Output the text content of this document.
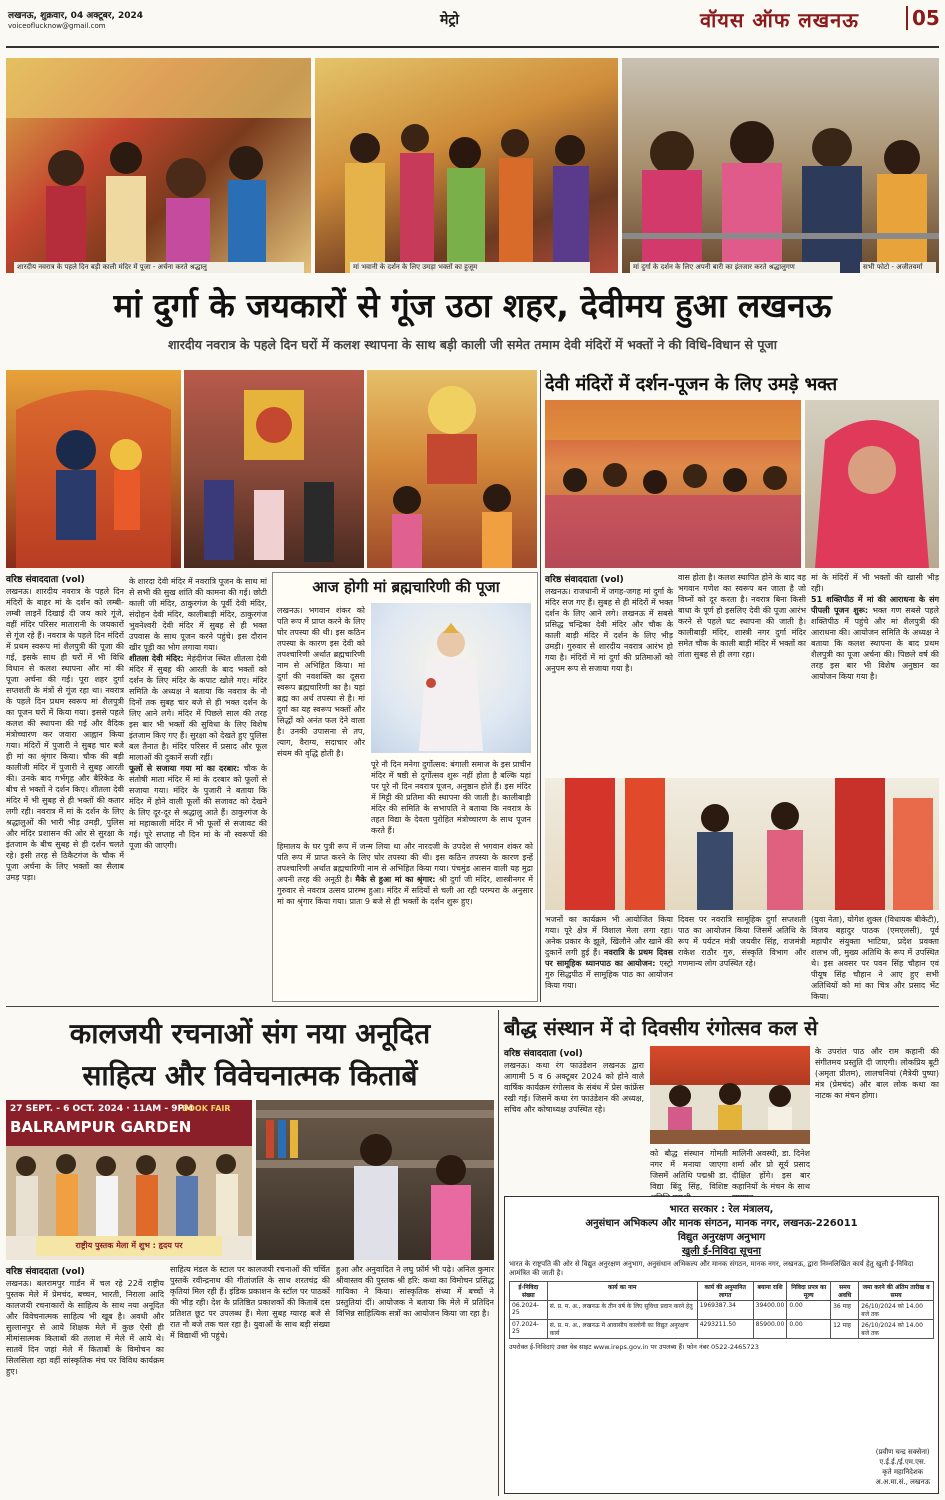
लखनऊ, शुक्रवार, 04 अक्टूबर, 2024
voiceoflucknow@gmail.com	मेट्रो	वॉयस ऑफ लखनऊ	05
शारदीय नवरात्र के पहले दिन बड़ी काली मंदिर में पूजा - अर्चना करते श्रद्धालु	मां भवानी के दर्शन के लिए उमड़ा भक्तों का हुजूम	मां दुर्गा के दर्शन के लिए अपनी बारी का इंतजार करते श्रद्धालुगण	सभी फोटो - अजीतवर्मा
मां दुर्गा के जयकारों से गूंज उठा शहर, देवीमय हुआ लखनऊ
शारदीय नवरात्र के पहले दिन घरों में कलश स्थापना के साथ बड़ी काली जी समेत तमाम देवी मंदिरों में भक्तों ने की विधि-विधान से पूजा
देवी मंदिरों में दर्शन-पूजन के लिए उमड़े भक्त
वरिष्ठ संवाददाता (vol)
लखनऊ। शारदीय नवरात्र के पहले दिन मंदिरों के बाहर मां के दर्शन को लम्बी-लम्बी लाइनें दिखाई दी जय कारे गूंजे, वहीं मंदिर परिसर मातारानी के जयकारों से गूंज रहे हैं। नवरात्र के पहले दिन मंदिरों में प्रथम स्वरूप मां शैलपुत्री की पूजा की गई, इसके साथ ही घरों में भी विधि विधान से कलश स्थापना और मां की पूजा अर्चना की गई। पूरा शहर दुर्गा सप्तशती के मंत्रों से गूंज रहा था। नवरात्र के पहले दिन प्रथम स्वरूप मां शैलपुत्री का पूजन घरों में किया गया। इससे पहले कलश की स्थापना की गई और वैदिक मंत्रोच्चारण कर जवारा आह्वान किया गया। मंदिरों में पुजारी ने सुबह चार बजे ही मां का श्रृंगार किया। चौक की बड़ी कालीजी मंदिर में पुजारी ने सुबह आरती की। उनके बाद गर्भगृह और बैरिकेड के बीच से भक्तों ने दर्शन किए। शीतला देवी मंदिर में भी सुबह से ही भक्तों की कतार लगी रही। नवरात्र में मां के दर्शन के लिए श्रद्धालुओं की भारी भीड़ उमड़ी, पुलिस और मंदिर प्रशासन की ओर से सुरक्षा के इंतजाम के बीच सुबह से ही दर्शन चलते रहे। इसी तरह से ठिकैटगंज के चौक में पूजा अर्चना के लिए भक्तों का सैलाब उमड़ पड़ा।
के शारदा देवी मंदिर में नवरात्रि पूजन के साथ मां से सभी की सुख शांति की कामना की गई। छोटी काली जी मंदिर, ठाकुरगंज के पूर्वी देवी मंदिर, संदोहन देवी मंदिर, कालीबाड़ी मंदिर, ठाकुरगंज भुवनेश्वरी देवी मंदिर में सुबह से ही भक्त उपवास के साथ पूजन करने पहुंचे। इस दौरान खीर पूड़ी का भोग लगाया गया।
शीतला देवी मंदिर: मेहंदीगंज स्थित शीतला देवी मंदिर में सुबह की आरती के बाद भक्तों को दर्शन के लिए मंदिर के कपाट खोले गए। मंदिर समिति के अध्यक्ष ने बताया कि नवरात्र के नौ दिनों तक सुबह चार बजे से ही भक्त दर्शन के लिए आने लगे। मंदिर में पिछले साल की तरह इस बार भी भक्तों की सुविधा के लिए विशेष इंतजाम किए गए हैं। सुरक्षा को देखते हुए पुलिस बल तैनात है। मंदिर परिसर में प्रसाद और फूल मालाओं की दुकानें सजी रहीं।
फूलों से सजाया गया मां का दरबार: चौक के संतोषी माता मंदिर में मां के दरबार को फूलों से सजाया गया। मंदिर के पुजारी ने बताया कि मंदिर में होने वाली फूलों की सजावट को देखने के लिए दूर-दूर से श्रद्धालु आते हैं। ठाकुरगंज के मां महाकाली मंदिर में भी फूलों से सजावट की गई। पूरे सप्ताह नौ दिन मां के नौ स्वरूपों की पूजा की जाएगी।
आज होगी मां ब्रह्मचारिणी की पूजा
लखनऊ। भगवान शंकर को पति रूप में प्राप्त करने के लिए घोर तपस्या की थी। इस कठिन तपस्या के कारण इस देवी को तपश्चारिणी अर्थात ब्रह्मचारिणी नाम से अभिहित किया। मां दुर्गा की नवशक्ति का दूसरा स्वरूप ब्रह्मचारिणी का है। यहां ब्रह्म का अर्थ तपस्या से है। मां दुर्गा का यह स्वरूप भक्तों और सिद्धों को अनंत फल देने वाला है। उनकी उपासना से तप, त्याग, वैराग्य, सदाचार और संयम की वृद्धि होती है।
पूरे नौ दिन मनेगा दुर्गोत्सव: बंगाली समाज के इस प्राचीन मंदिर में षष्ठी से दुर्गोत्सव शुरू नहीं होता है बल्कि यहां पर पूरे नौ दिन नवरात्र पूजन, अनुष्ठान होते हैं। इस मंदिर में मिट्टी की प्रतिमा की स्थापना की जाती है। कालीबाड़ी मंदिर की समिति के सभापति ने बताया कि नवरात्र के तहत विद्या के देवता पुरोहित मंत्रोच्चारण के साथ पूजन करते हैं।
हिमालय के घर पुत्री रूप में जन्म लिया था और नारदजी के उपदेश से भगवान शंकर को पति रूप में प्राप्त करने के लिए घोर तपस्या की थी। इस कठिन तपस्या के कारण इन्हें तपश्चारिणी अर्थात ब्रह्मचारिणी नाम से अभिहित किया गया। पंचमुंड आसन वाली यह मुद्रा अपनी तरह की अनूठी है। मैके से हुआ मां का श्रृंगार: श्री दुर्गा जी मंदिर, शास्त्रीनगर में गुरुवार से नवरात्र उत्सव प्रारम्भ हुआ। मंदिर में सदियों से चली आ रही परम्परा के अनुसार मां का श्रृंगार किया गया। प्रातः 9 बजे से ही भक्तों के दर्शन शुरू हुए।
वरिष्ठ संवाददाता (vol)
लखनऊ। राजधानी में जगह-जगह मां दुर्गा के मंदिर सज गए हैं। सुबह से ही मंदिरों में भक्त दर्शन के लिए आने लगे। लखनऊ में सबसे प्रसिद्ध चन्द्रिका देवी मंदिर और चौक के काली बाड़ी मंदिर में दर्शन के लिए भीड़ उमड़ी। गुरुवार से शारदीय नवरात्र आरंभ हो गया है। मंदिरों में मां दुर्गा की प्रतिमाओं को अनुपम रूप से सजाया गया है।
वास होता है। कलश स्थापित होने के बाद वह भगवान गणेश का स्वरूप बन जाता है जो विघ्नों को दूर करता है। नवरात्र बिना किसी बाधा के पूर्ण हो इसलिए देवी की पूजा आरंभ करने से पहले घट स्थापना की जाती है। कालीबाड़ी मंदिर, शास्त्री नगर दुर्गा मंदिर समेत चौक के काली बाड़ी मंदिर में भक्तों का तांता सुबह से ही लगा रहा।
मां के मंदिरों में भी भक्तों की खासी भीड़ रही।
51 शक्तिपीठ में मां की आराधना के संग पीपली पूजन शुरू: भक्त गण सबसे पहले शक्तिपीठ में पहुंचे और मां शैलपुत्री की आराधना की। आयोजन समिति के अध्यक्ष ने बताया कि कलश स्थापना के बाद प्रथम शैलपुत्री का पूजा अर्चना की। पिछले वर्ष की तरह इस बार भी विशेष अनुष्ठान का आयोजन किया गया है।
भजनों का कार्यक्रम भी आयोजित किया गया। पूरे क्षेत्र में विशाल मेला लगा रहा। अनेक प्रकार के झूले, खिलौने और खाने की दुकानें लगी हुई हैं। नवरात्रि के प्रथम दिवस पर सामूहिक ध्यानपाठ का आयोजन: एस्ट्रो गुरु सिद्धपीठ में सामूहिक पाठ का आयोजन किया गया।
दिवस पर नवरात्रि सामूहिक दुर्गा सप्तशती पाठ का आयोजन किया जिसमें अतिथि के रूप में पर्यटन मंत्री जयवीर सिंह, राजमंत्री राकेश राठौर गुरु, संस्कृति विभाग और गणमान्य लोग उपस्थित रहे।
(युवा नेता), योगेश शुक्ल (विधायक बीकेटी), विजय बहादुर पाठक (एमएलसी), पूर्व महापौर संयुक्ता भाटिया, प्रदेश प्रवक्ता शलभ जी, मुख्य अतिथि के रूप में उपस्थित थे। इस अवसर पर पवन सिंह चौहान एवं पीयूष सिंह चौहान ने आए हुए सभी अतिथियों को मां का चित्र और प्रसाद भेंट किया।
कालजयी रचनाओं संग नया अनूदित
साहित्य और विवेचनात्मक किताबें
27 SEPT. - 6 OCT. 2024 · 11AM - 9PM
BALRAMPUR GARDEN
BOOK FAIR
राष्ट्रीय पुस्तक मेला में शुभ : हृदय पर
वरिष्ठ संवाददाता (vol)
लखनऊ। बलरामपुर गार्डन में चल रहे 22वें राष्ट्रीय पुस्तक मेले में प्रेमचंद, बच्चन, भारती, निराला आदि कालजयी रचनाकारों के साहित्य के साथ नया अनूदित और विवेचनात्मक साहित्य भी खूब है। अवधी और सुल्तानपुर से आये शिक्षक मेले में कुछ ऐसी ही मीमांसात्मक किताबों की तलाश में मेले में आये थे। सातवें दिन जहां मेले में किताबों के विमोचन का सिलसिला रहा वहीं सांस्कृतिक मंच पर विविध कार्यक्रम हुए।
साहित्य मंडल के स्टाल पर कालजयी रचनाओं की चर्चित पुस्तकें रवीन्द्रनाथ की गीतांजलि के साथ शरतचंद्र की कृतियां मिल रही हैं। इंडिक प्रकाशन के स्टॉल पर पाठकों की भीड़ रही। देश के प्रतिष्ठित प्रकाशकों की किताबें दस प्रतिशत छूट पर उपलब्ध हैं। मेला सुबह ग्यारह बजे से रात नौ बजे तक चल रहा है। युवाओं के साथ बड़ी संख्या में विद्यार्थी भी पहुंचे।
हुआ और अनुवादित ने लघु फ़ॉर्म भी पढ़े। अनिल कुमार श्रीवास्तव की पुस्तक श्री हरि: कथा का विमोचन प्रसिद्ध गायिका ने किया। सांस्कृतिक संध्या में बच्चों ने प्रस्तुतियां दीं। आयोजक ने बताया कि मेले में प्रतिदिन विभिन्न साहित्यिक सत्रों का आयोजन किया जा रहा है।
बौद्ध संस्थान में दो दिवसीय रंगोत्सव कल से
वरिष्ठ संवाददाता (vol)
लखनऊ। कथा रंग फाउंडेशन लखनऊ द्वारा आगामी 5 व 6 अक्टूबर 2024 को होने वाले वार्षिक कार्यक्रम रंगोत्सव के संबंध में प्रेस कांफ्रेंस रखी गई। जिसमें कथा रंग फाउंडेशन की अध्यक्ष, सचिव और कोषाध्यक्ष उपस्थित रहे।
के उपरांत पाठ और राम कहानी की संगीतमय प्रस्तुति दी जाएगी। लोकप्रिय बूटी (अमृता प्रीतम), लालचनियां (मैत्रेयी पुष्पा) मंत्र (प्रेमचंद) और बाल लोक कथा का नाटक का मंचन होगा।
को बौद्ध संस्थान गोमती नगर में मनाया जाएगा जिसमें अतिथि पद्मश्री डा. विद्या बिंदु सिंह, विशिष्ट
मालिनी अवस्थी, डा. दिनेश शर्मा और प्रो सूर्य प्रसाद दीक्षित होंगे। इस बार कहानियों के मंचन के साथ
भारत सरकार : रेल मंत्रालय,
अनुसंधान अभिकल्प और मानक संगठन, मानक नगर, लखनऊ-226011
विद्युत अनुरक्षण अनुभाग
खुली ई-निविदा सूचना
भारत के राष्ट्रपति की ओर से विद्युत अनुरक्षण अनुभाग, अनुसंधान अभिकल्प और मानक संगठन, मानक नगर, लखनऊ, द्वारा निम्नलिखित कार्य हेतु खुली ई-निविदा आमंत्रित की जाती है।
ई-निविदा संख्या	कार्य का नाम	कार्य की अनुमानित लागत	बयाना राशि	निविदा प्रपत्र का मूल्य	समय अवधि	जमा करने की अंतिम तारीख व समय
06.2024-25	सं. प्र. म. अ., लखनऊ के तीन वर्ष के लिए सुविधा प्रदान करने हेतु	1969387.34	39400.00	0.00	36 माह	26/10/2024 को 14.00 बजे तक
07.2024-25	सं. प्र. म. अ., लखनऊ में आवासीय कालोनी का विद्युत अनुरक्षण कार्य	4293211.50	85900.00	0.00	12 माह	26/10/2024 को 14.00 बजे तक
उपरोक्त ई-निविदाएं उक्त वेब साइट www.ireps.gov.in पर उपलब्ध हैं। फोन नंबर 0522-2465723
(प्रवीण चन्द्र सक्सेना)
ए.ई.ई./ई.एम.एस.
कृते महानिदेशक
अ.अ.मा.सं., लखनऊ
